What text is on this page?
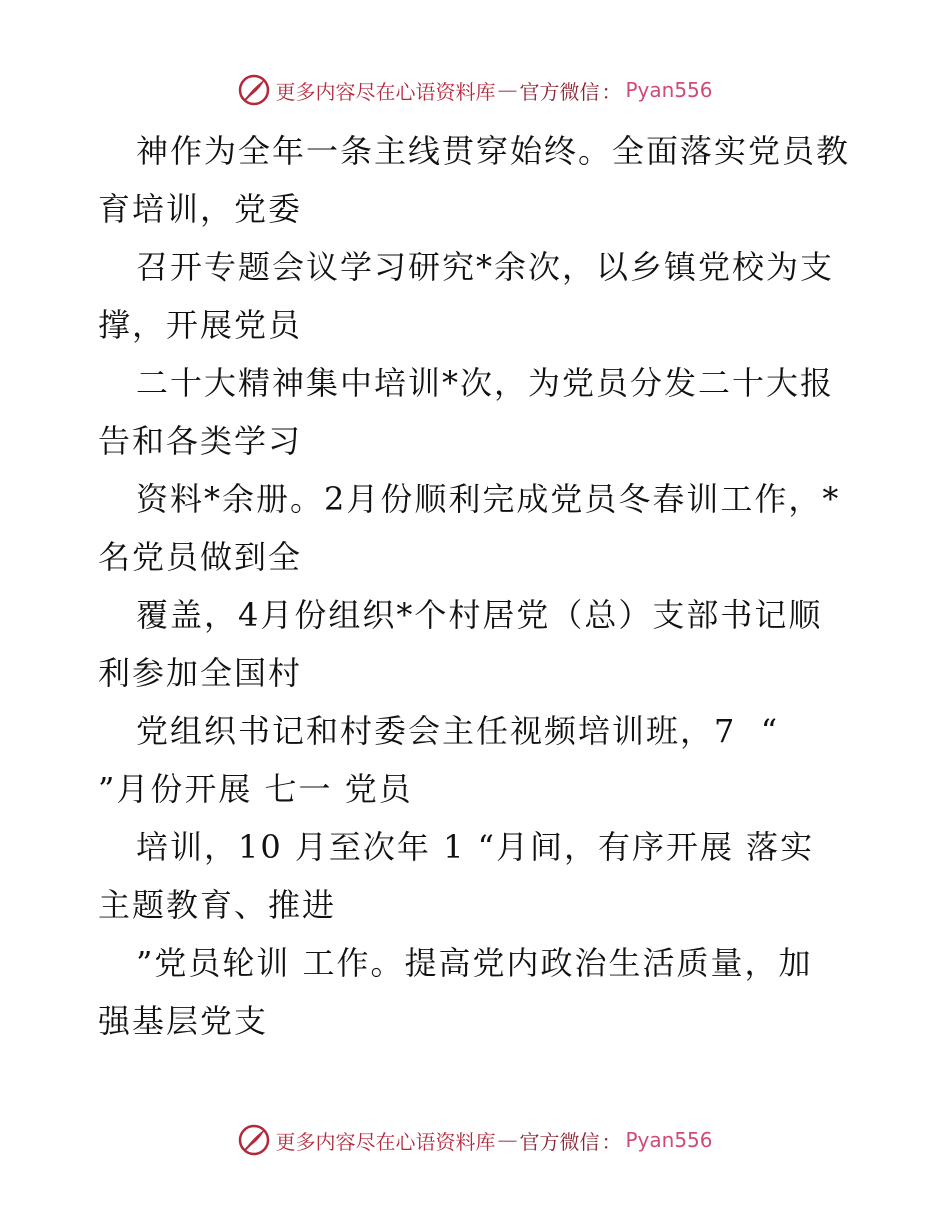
更多内容尽在心语资料库 — 官方微信 ： Pyan556
神作为全年一条主线贯穿始终。全面落实党员教
育培训，党委
召开专题会议学习研究*余次，以乡镇党校为支
撑，开展党员
二十大精神集中培训*次，为党员分发二十大报
告和各类学习
资料*余册。2月份顺利完成党员冬春训工作，*
名党员做到全
覆盖，4月份组织*个村居党（总）支部书记顺
利参加全国村
党组织书记和村委会主任视频培训班，7  “
”月份开展 七一 党员
培训，10 月至次年 1 “月间，有序开展 落实
主题教育、推进
”党员轮训 工作。提高党内政治生活质量，加
强基层党支
更多内容尽在心语资料库 — 官方微信 ： Pyan556
